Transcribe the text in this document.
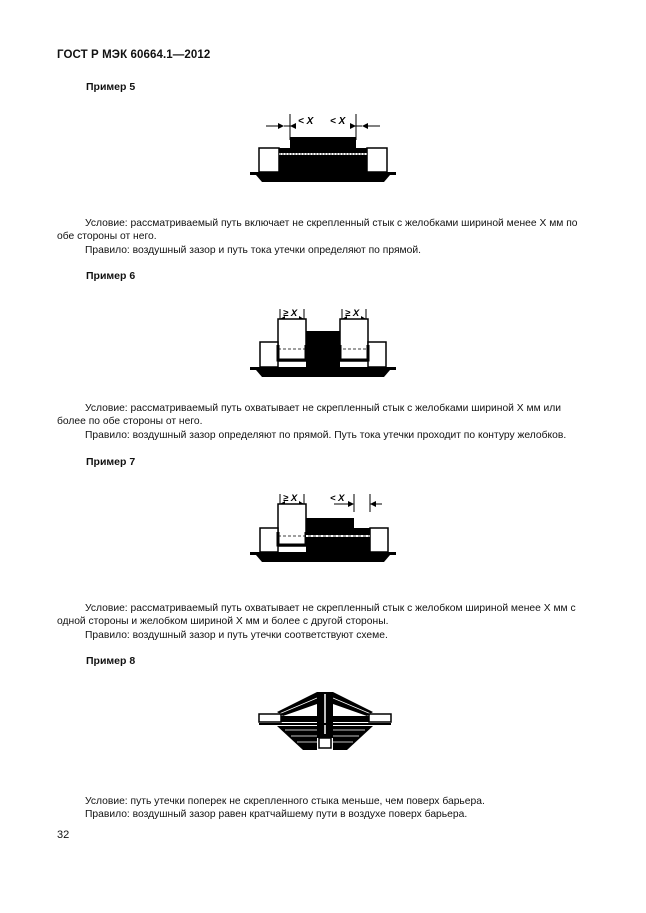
ГОСТ Р МЭК 60664.1—2012
Пример 5
< X < X
Условие: рассматриваемый путь включает не скрепленный стык с желобками шириной менее X мм по
обе стороны от него.
Правило: воздушный зазор и путь тока утечки определяют по прямой.
Пример 6
≥ X	≥ X
Условие: рассматриваемый путь охватывает не скрепленный стык с желобками шириной X мм или
более по обе стороны от него.
Правило: воздушный зазор определяют по прямой. Путь тока утечки проходит по контуру желобков.
Пример 7
≥ X	< X
Условие: рассматриваемый путь охватывает не скрепленный стык с желобком шириной менее X мм с
одной стороны и желобком шириной X мм и более с другой стороны.
Правило: воздушный зазор и путь утечки соответствуют схеме.
Пример 8
Условие: путь утечки поперек не скрепленного стыка меньше, чем поверх барьера.
Правило: воздушный зазор равен кратчайшему пути в воздухе поверх барьера.
32
